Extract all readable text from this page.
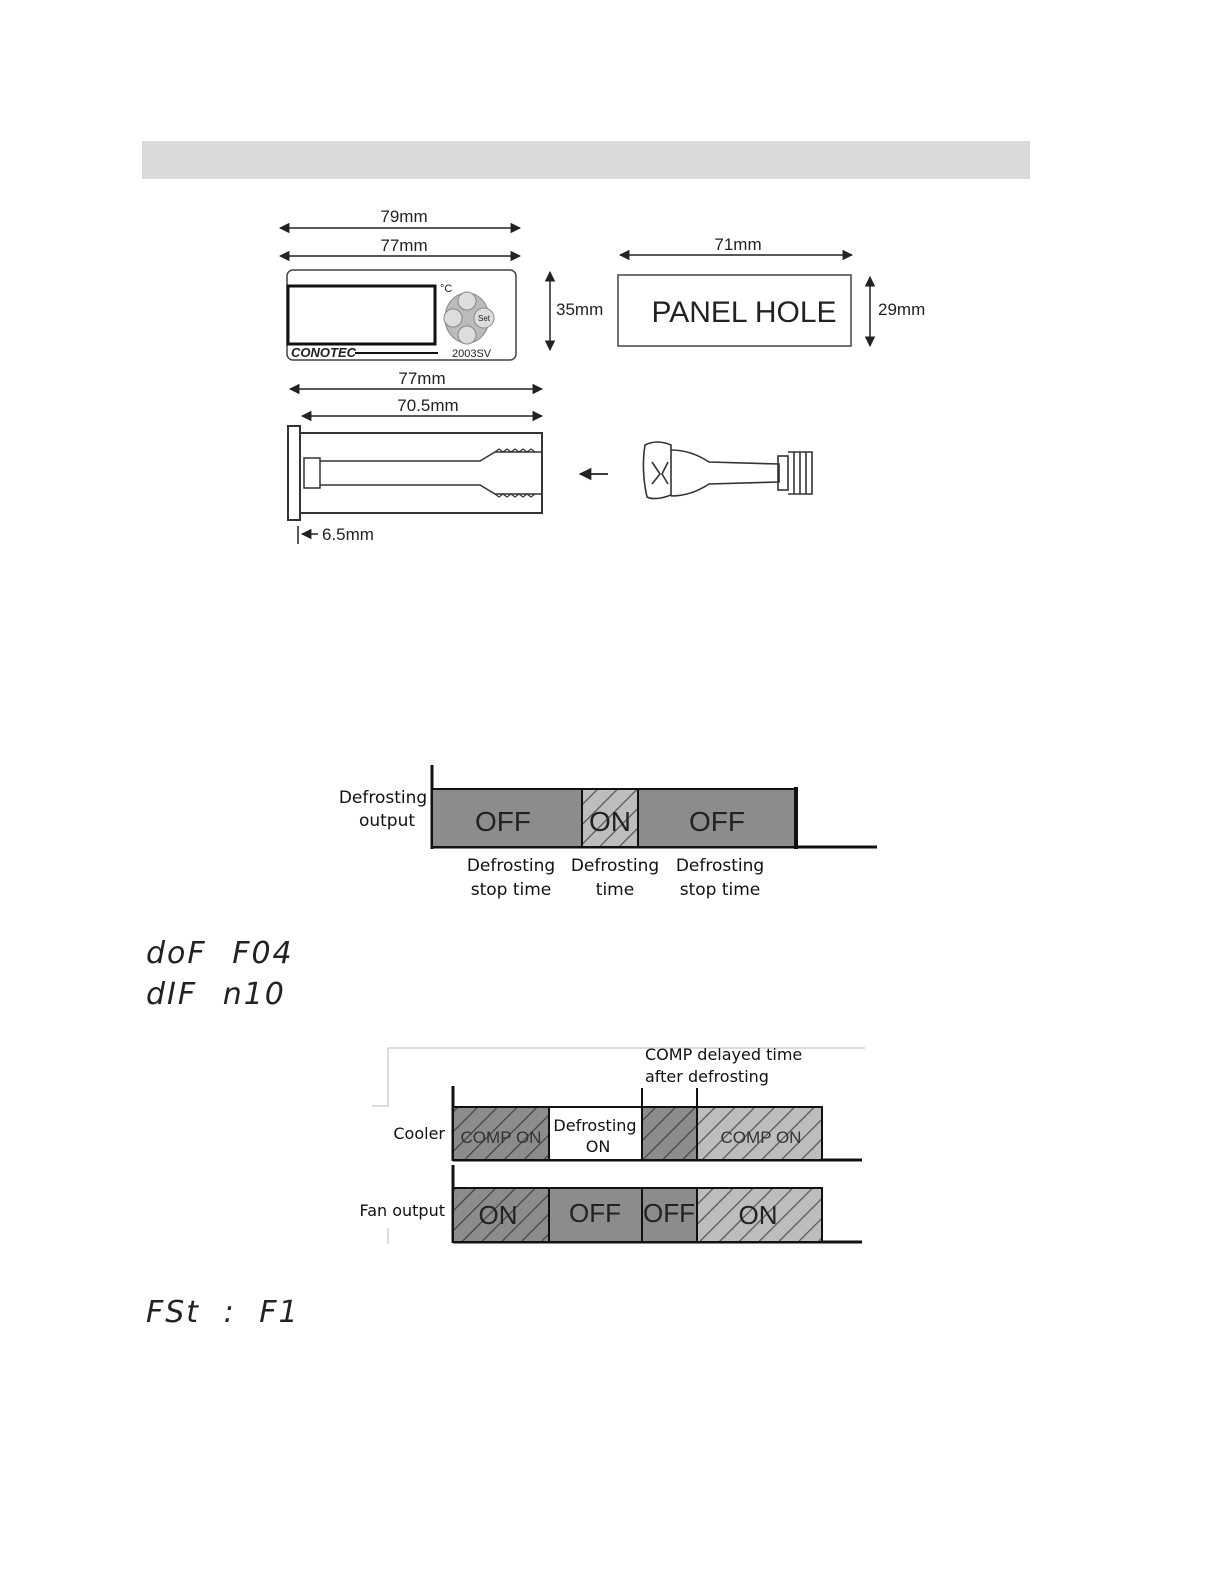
79mm
77mm
°C
Set
CONOTEC	2003SV
35mm
71mm
PANEL HOLE 29mm
77mm
70.5mm
6.5mm
Defrosting
output OFF ON OFF
Defrosting
stop time
Defrosting
time
Defrosting
stop time
COMP delayed time
after defrosting
Cooler COMP ON
Defrosting
ON	COMP ON
Fan output ON OFF OFF ON
doF F04
dIF n10
FSt : F1
